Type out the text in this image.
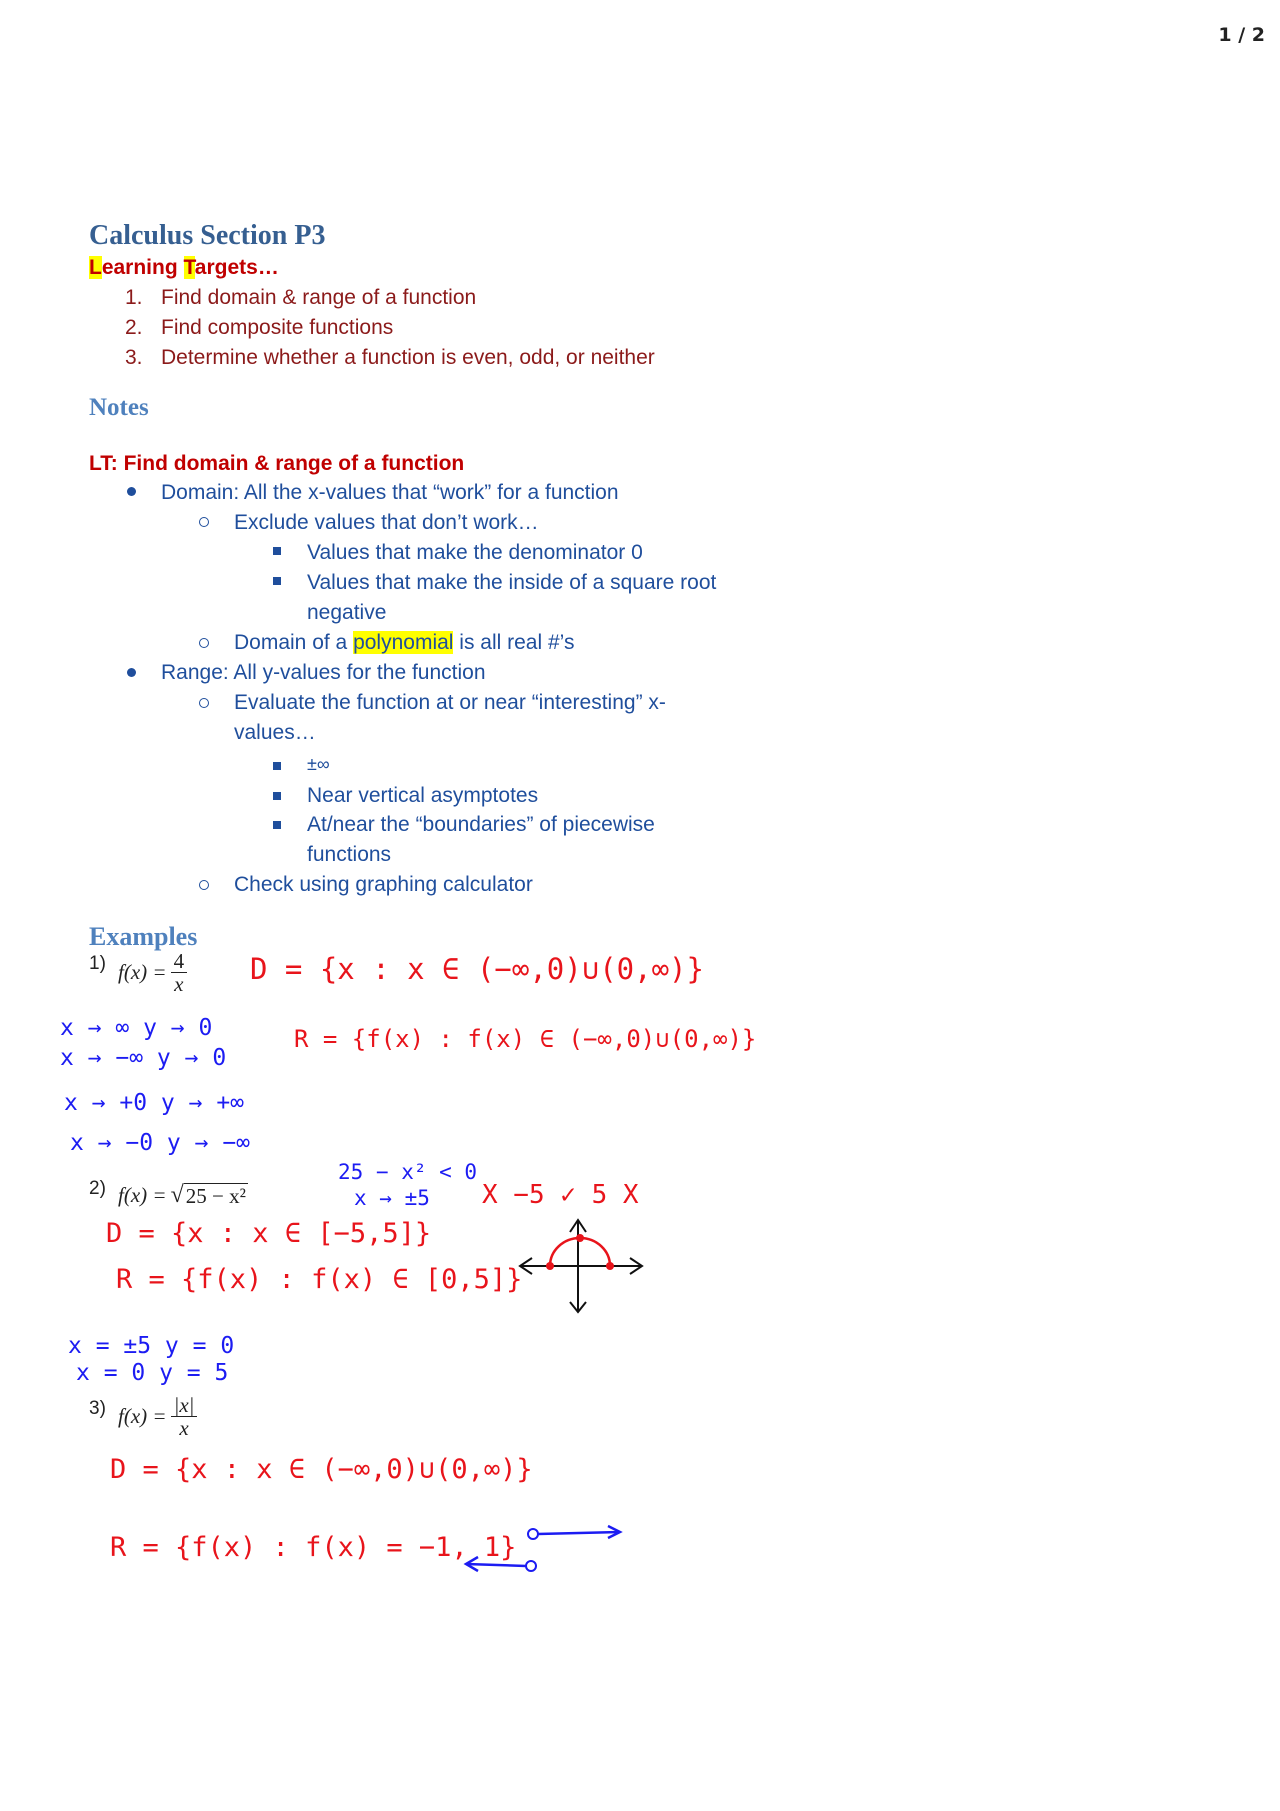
1 / 2
Calculus Section P3
Learning Targets…
1. Find domain & range of a function
2. Find composite functions
3. Determine whether a function is even, odd, or neither
Notes
LT: Find domain & range of a function
Domain: All the x-values that “work” for a function
Exclude values that don’t work…
Values that make the denominator 0
Values that make the inside of a square root
negative
Domain of a polynomial is all real #’s
Range: All y-values for the function
Evaluate the function at or near “interesting” x-
values…
±∞
Near vertical asymptotes
At/near the “boundaries” of piecewise
functions
Check using graphing calculator
Examples
1) $f(x) = \frac{4}{x}$ D = {x : x ∈ (−∞,0)∪(0,∞)}
R = {f(x) : f(x) ∈ (−∞,0)∪(0,∞)}
x → ∞ y → 0
x → −∞ y → 0
x → +0 y → +∞
x → −0 y → −∞
2) f(x) = √ 25 − x²
25 − x² < 0
x → ±5 X −5 ✓ 5 X
D = {x : x ∈ [−5,5]}
R = {f(x) : f(x) ∈ [0,5]}
x = ±5 y = 0
x = 0 y = 5
3) $f(x) = \frac{|x|}{x}$
D = {x : x ∈ (−∞,0)∪(0,∞)}
R = {f(x) : f(x) = −1, 1}
